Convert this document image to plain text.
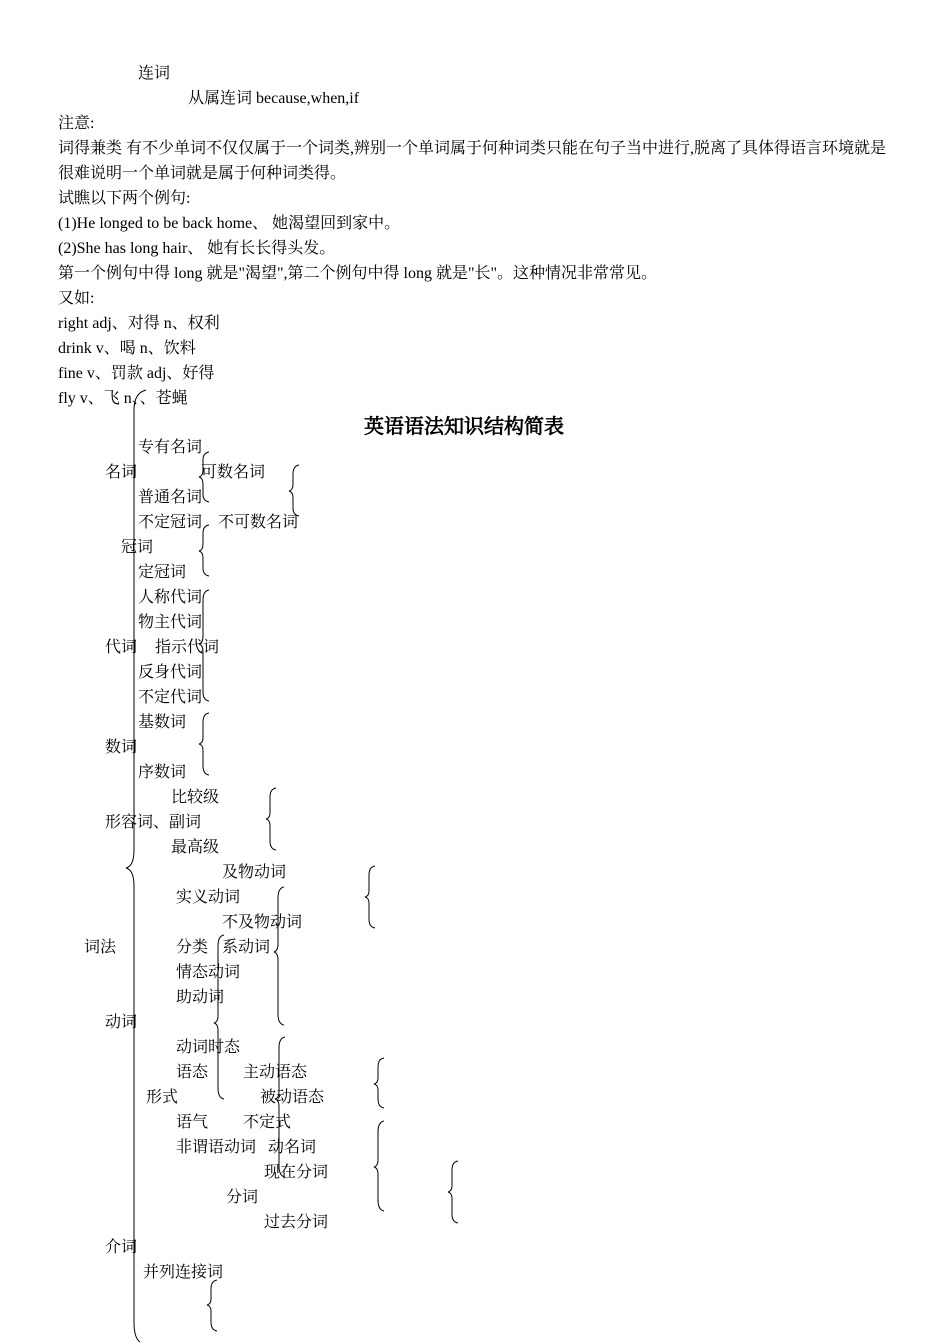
连词
从属连词 because,when,if
注意:
词得兼类 有不少单词不仅仅属于一个词类,辨别一个单词属于何种词类只能在句子当中进行,脱离了具体得语言环境就是很难说明一个单词就是属于何种词类得。
试瞧以下两个例句:
(1)He longed to be back home、 她渴望回到家中。
(2)She has long hair、 她有长长得头发。
第一个例句中得 long 就是"渴望",第二个例句中得 long 就是"长"。这种情况非常常见。
又如:
right adj、对得 n、权利
drink v、喝 n、饮料
fine v、罚款 adj、好得
fly v、飞 n、、苍蝇
英语语法知识结构简表
专有名词
名词	可数名词
普通名词
不定冠词 不可数名词
冠词
定冠词
人称代词
物主代词
代词 指示代词
反身代词
不定代词
基数词
数词
序数词
比较级
形容词、副词
最高级
及物动词
实义动词
不及物动词
词法	分类 系动词
情态动词
助动词
动词
动词时态
语态 主动语态
形式	被动语态
语气 不定式
非谓语动词 动名词
现在分词
分词
过去分词
介词
并列连接词
